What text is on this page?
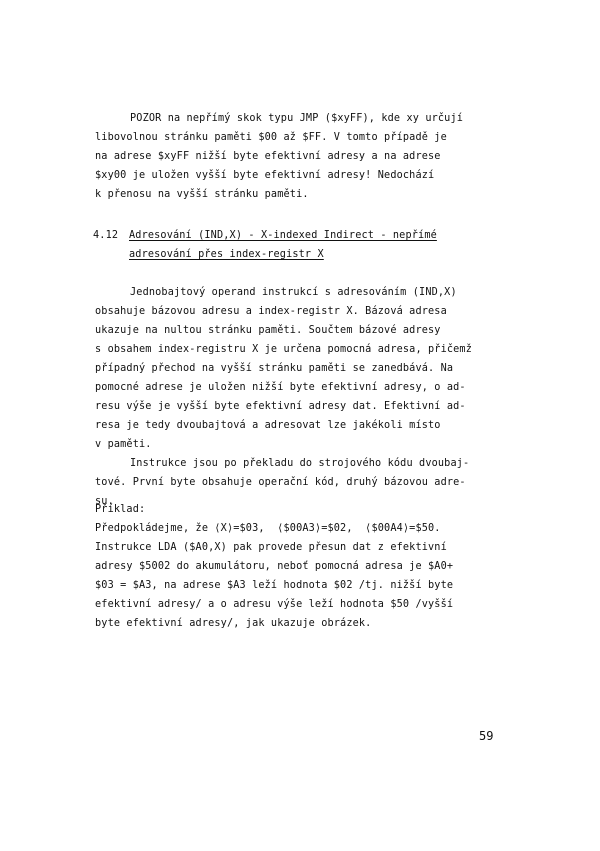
POZOR na nepřímý skok typu JMP ($xyFF), kde xy určují
libovolnou stránku paměti $00 až $FF. V tomto případě je
na adrese $xyFF nižší byte efektivní adresy a na adrese
$xy00 je uložen vyšší byte efektivní adresy! Nedochází
k přenosu na vyšší stránku paměti.
4.12 Adresování (IND,X) - X-indexed Indirect - nepřímé
adresování přes index-registr X
Jednobajtový operand instrukcí s adresováním (IND,X)
obsahuje bázovou adresu a index-registr X. Bázová adresa
ukazuje na nultou stránku paměti. Součtem bázové adresy
s obsahem index-registru X je určena pomocná adresa, přičemž
případný přechod na vyšší stránku paměti se zanedbává. Na
pomocné adrese je uložen nižší byte efektivní adresy, o ad-
resu výše je vyšší byte efektivní adresy dat. Efektivní ad-
resa je tedy dvoubajtová a adresovat lze jakékoli místo
v paměti.
Instrukce jsou po překladu do strojového kódu dvoubaj-
tové. První byte obsahuje operační kód, druhý bázovou adre-
su.
Příklad:
Předpokládejme, že ⟨X⟩=$03,  ⟨$00A3⟩=$02,  ⟨$00A4⟩=$50.
Instrukce LDA ($A0,X) pak provede přesun dat z efektivní
adresy $5002 do akumulátoru, neboť pomocná adresa je $A0+
$03 = $A3, na adrese $A3 leží hodnota $02 /tj. nižší byte
efektivní adresy/ a o adresu výše leží hodnota $50 /vyšší
byte efektivní adresy/, jak ukazuje obrázek.
59
